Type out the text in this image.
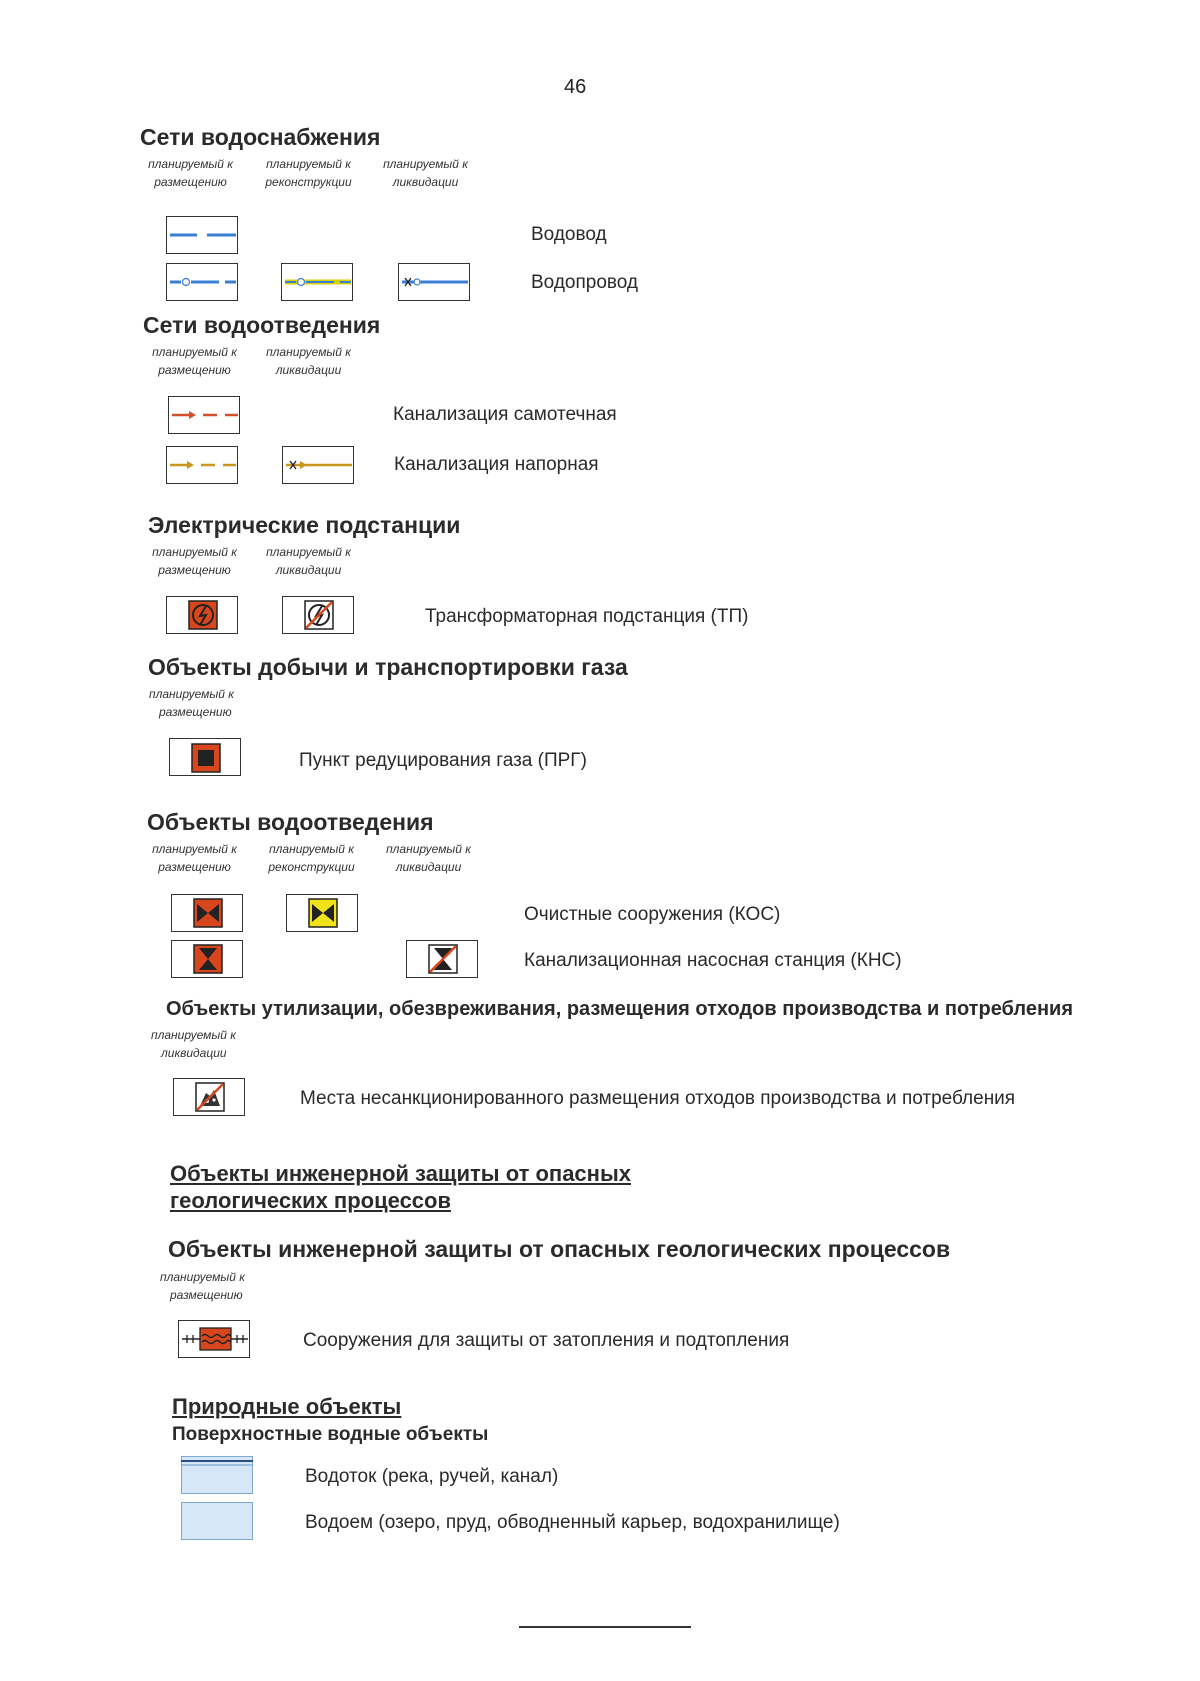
46
Сети водоснабжения
планируемый к
размещению
планируемый к
реконструкции
планируемый к
ликвидации
Водовод
Водопровод
Сети водоотведения
планируемый к
размещению
планируемый к
ликвидации
Канализация самотечная
Канализация напорная
Электрические подстанции
планируемый к
размещению
планируемый к
ликвидации
Трансформаторная подстанция (ТП)
Объекты добычи и транспортировки газа
планируемый к
размещению
Пункт редуцирования газа (ПРГ)
Объекты водоотведения
планируемый к
размещению
планируемый к
реконструкции
планируемый к
ликвидации
Очистные сооружения (КОС)
Канализационная насосная станция (КНС)
Объекты утилизации, обезвреживания, размещения отходов производства и потребления
планируемый к
ликвидации
Места несанкционированного размещения отходов производства и потребления
Объекты инженерной защиты от опасных
геологических процессов
Объекты инженерной защиты от опасных геологических процессов
планируемый к
размещению
Сооружения для защиты от затопления и подтопления
Природные объекты
Поверхностные водные объекты
Водоток (река, ручей, канал)
Водоем (озеро, пруд, обводненный карьер, водохранилище)
